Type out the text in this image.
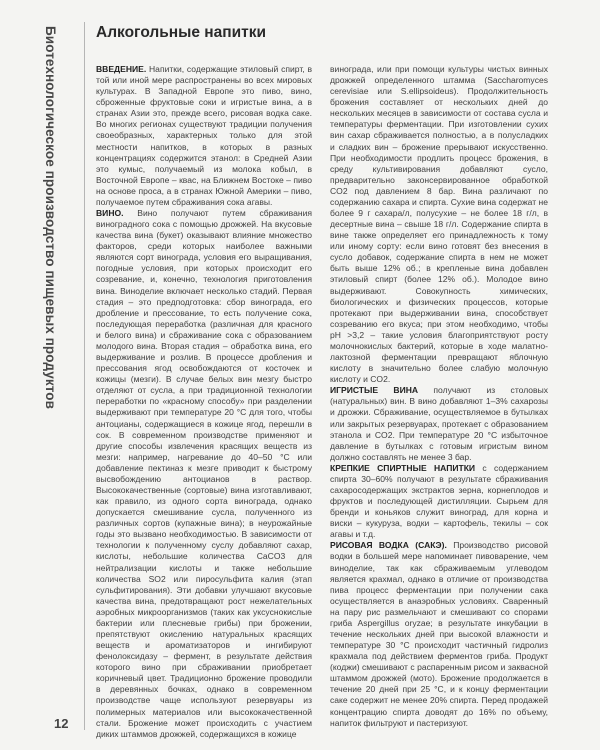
Биотехнологическое производство пищевых продуктов
12
Алкогольные напитки

ВВЕДЕНИЕ. Напитки, содержащие этиловый спирт, в той или иной мере распространены во всех мировых культурах. В Западной Европе это пиво, вино, сброженные фруктовые соки и игристые вина, а в странах Азии это, прежде всего, рисовая водка саке. Во многих регионах существуют традиции получения своеобразных, характерных только для этой местности напитков, в которых в разных концентрациях содержится этанол: в Средней Азии это кумыс, получаемый из молока кобыл, в Восточной Европе – квас, на Ближнем Востоке – пиво на основе проса, а в странах Южной Америки – пиво, получаемое путем сбраживания сока агавы.

ВИНО. Вино получают путем сбраживания виноградного сока с помощью дрожжей. На вкусовые качества вина (букет) оказывают влияние множество факторов, среди которых наиболее важными являются сорт винограда, условия его выращивания, погодные условия, при которых происходит его созревание, и, конечно, технология приготовления вина. Виноделие включает несколько стадий. Первая стадия – это предподготовка: сбор винограда, его дробление и прессование, то есть получение сока, последующая переработка (различная для красного и белого вина) и сбраживание сока с образованием молодого вина. Вторая стадия – обработка вина, его выдерживание и розлив. В процессе дробления и прессования ягод освобождаются от косточек и кожицы (мезги). В случае белых вин мезгу быстро отделяют от сусла, а при традиционной технологии переработки по «красному способу» при разделении выдерживают при температуре 20 °С для того, чтобы антоцианы, содержащиеся в кожице ягод, перешли в сок. В современном производстве применяют и другие способы извлечения красящих веществ из мезги: например, нагревание до 40–50 °С или добавление пектиназ к мезге приводит к быстрому высвобождению антоцианов в раствор. Высококачественные (сортовые) вина изготавливают, как правило, из одного сорта винограда, однако допускается смешивание сусла, полученного из различных сортов (купажные вина); в неурожайные годы это вызвано необходимостью. В зависимости от технологии к полученному суслу добавляют сахар, кислоты, небольшие количества CaCO3 для нейтрализации кислоты и также небольшие количества SO2 или пиросульфита калия (этап сульфитирования). Эти добавки улучшают вкусовые качества вина, предотвращают рост нежелательных аэробных микроорганизмов (таких как уксуснокислые бактерии или плесневые грибы) при брожении, препятствуют окислению натуральных красящих веществ и ароматизаторов и ингибируют фенолоксидазу – фермент, в результате действия которого вино при сбраживании приобретает коричневый цвет. Традиционно брожение проводили в деревянных бочках, однако в современном производстве чаще используют резервуары из полимерных материалов или высококачественной стали. Брожение может происходить с участием диких штаммов дрожжей, содержащихся в кожице

винограда, или при помощи культуры чистых винных дрожжей определенного штамма (Saccharomyces cerevisiae или S.ellipsoideus). Продолжительность брожения составляет от нескольких дней до нескольких месяцев в зависимости от состава сусла и температуры ферментации. При изготовлении сухих вин сахар сбраживается полностью, а в полусладких и сладких вин – брожение прерывают искусственно. При необходимости продлить процесс брожения, в среду культивирования добавляют сусло, предварительно законсервированное обработкой CO2 под давлением 8 бар. Вина различают по содержанию сахара и спирта. Сухие вина содержат не более 9 г сахара/л, полусухие – не более 18 г/л, в десертные вина – свыше 18 г/л. Содержание спирта в вине также определяет его принадлежность к тому или иному сорту: если вино готовят без внесения в сусло добавок, содержание спирта в нем не может быть выше 12% об.; в крепленые вина добавлен этиловый спирт (более 12% об.). Молодое вино выдерживают. Совокупность химических, биологических и физических процессов, которые протекают при выдерживании вина, способствует созреванию его вкуса; при этом необходимо, чтобы рН >3,2 – такие условия благоприятствуют росту молочнокислых бактерий, которые в ходе малатно-лактозной ферментации превращают яблочную кислоту в значительно более слабую молочную кислоту и CO2.

ИГРИСТЫЕ ВИНА получают из столовых (натуральных) вин. В вино добавляют 1–3% сахарозы и дрожжи. Сбраживание, осуществляемое в бутылках или закрытых резервуарах, протекает с образованием этанола и CO2. При температуре 20 °С избыточное давление в бутылках с готовым игристым вином должно составлять не менее 3 бар.

КРЕПКИЕ СПИРТНЫЕ НАПИТКИ с содержанием спирта 30–60% получают в результате сбраживания сахаросодержащих экстрактов зерна, корнеплодов и фруктов и последующей дистилляции. Сырьем для бренди и коньяков служит виноград, для корна и виски – кукуруза, водки – картофель, текилы – сок агавы и т.д.

РИСОВАЯ ВОДКА (САКЭ). Производство рисовой водки в большей мере напоминает пивоварение, чем виноделие, так как сбраживаемым углеводом является крахмал, однако в отличие от производства пива процесс ферментации при получении сака осуществляется в анаэробных условиях. Сваренный на пару рис размельчают и смешивают со спорами гриба Aspergillus oryzae; в результате инкубации в течение нескольких дней при высокой влажности и температуре 30 °С происходит частичный гидролиз крахмала под действием ферментов гриба. Продукт (коджи) смешивают с распаренным рисом и заквасной штаммом дрожжей (мото). Брожение продолжается в течение 20 дней при 25 °С, и к концу ферментации саке содержит не менее 20% спирта. Перед продажей концентрацию спирта доводят до 16% по объему, напиток фильтруют и пастеризуют.
